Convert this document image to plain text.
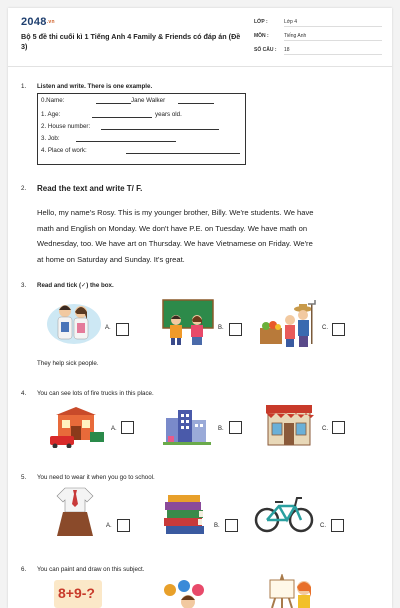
$2048^{.vn}$
Bộ 5 đề thi cuối kì 1 Tiếng Anh 4 Family & Friends có đáp án (Đề 3)
LỚP :	Lớp 4
MÔN :	Tiếng Anh
SỐ CÂU : 18
1. Listen and write. There is one example.
0.Name:	Jane Walker
1. Age:	years old.
2. House number:
3. Job:
4. Place of work:
2. Read the text and write T/ F.
Hello, my name's Rosy. This is my younger brother, Billy. We're students. We have
math and English on Monday. We don't have P.E. on Tuesday. We have math on
Wednesday, too. We have art on Thursday. We have Vietnamese on Friday. We're
at home on Saturday and Sunday. It's great.
3. Read and tick (✓) the box.
A.	B.	C.
They help sick people.
4. You can see lots of fire trucks in this place.
A.	B.	C.
5. You need to wear it when you go to school.
A.	B.	C.
6. You can paint and draw on this subject.
8+9-?
